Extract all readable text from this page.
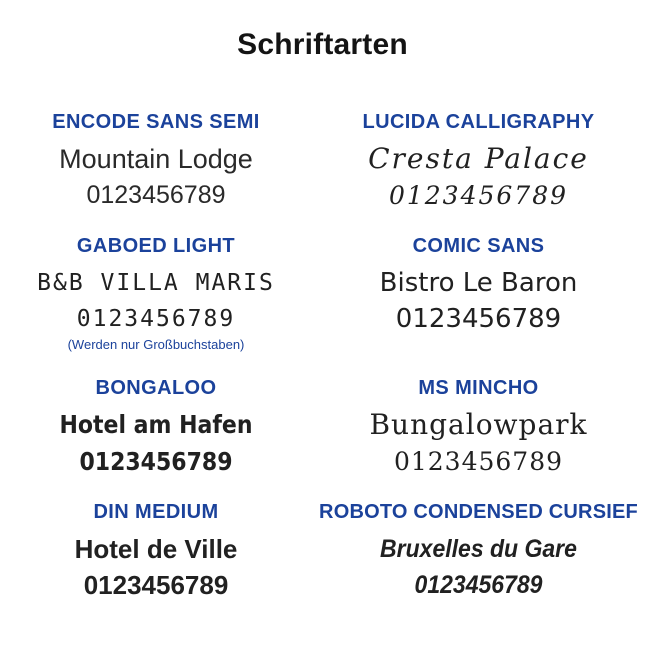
Schriftarten
ENCODE SANS SEMI
Mountain Lodge
0123456789
LUCIDA CALLIGRAPHY
Cresta Palace
0123456789
GABOED LIGHT
B&B VILLA MARIS
0123456789
(Werden nur Großbuchstaben)
COMIC SANS
Bistro Le Baron
0123456789
BONGALOO
Hotel am Hafen
0123456789
MS MINCHO
Bungalowpark
0123456789
DIN MEDIUM
Hotel de Ville
0123456789
ROBOTO CONDENSED CURSIEF
Bruxelles du Gare
0123456789
